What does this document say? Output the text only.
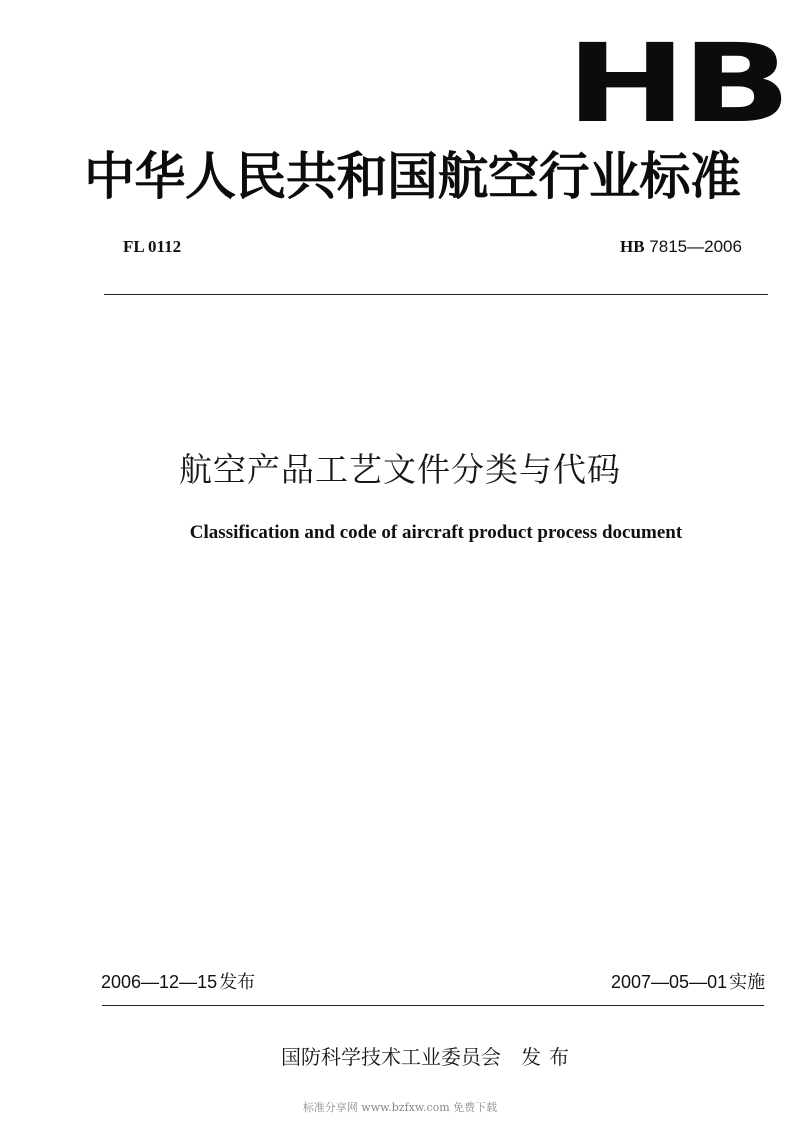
HB
中华人民共和国航空行业标准
FL 0112	HB 7815—2006
航空产品工艺文件分类与代码
Classification and code of aircraft product process document
2006—12—15 发布	2007—05—01 实施
国防科学技术工业委员会 发布
标准分享网 www.bzfxw.com 免费下载
